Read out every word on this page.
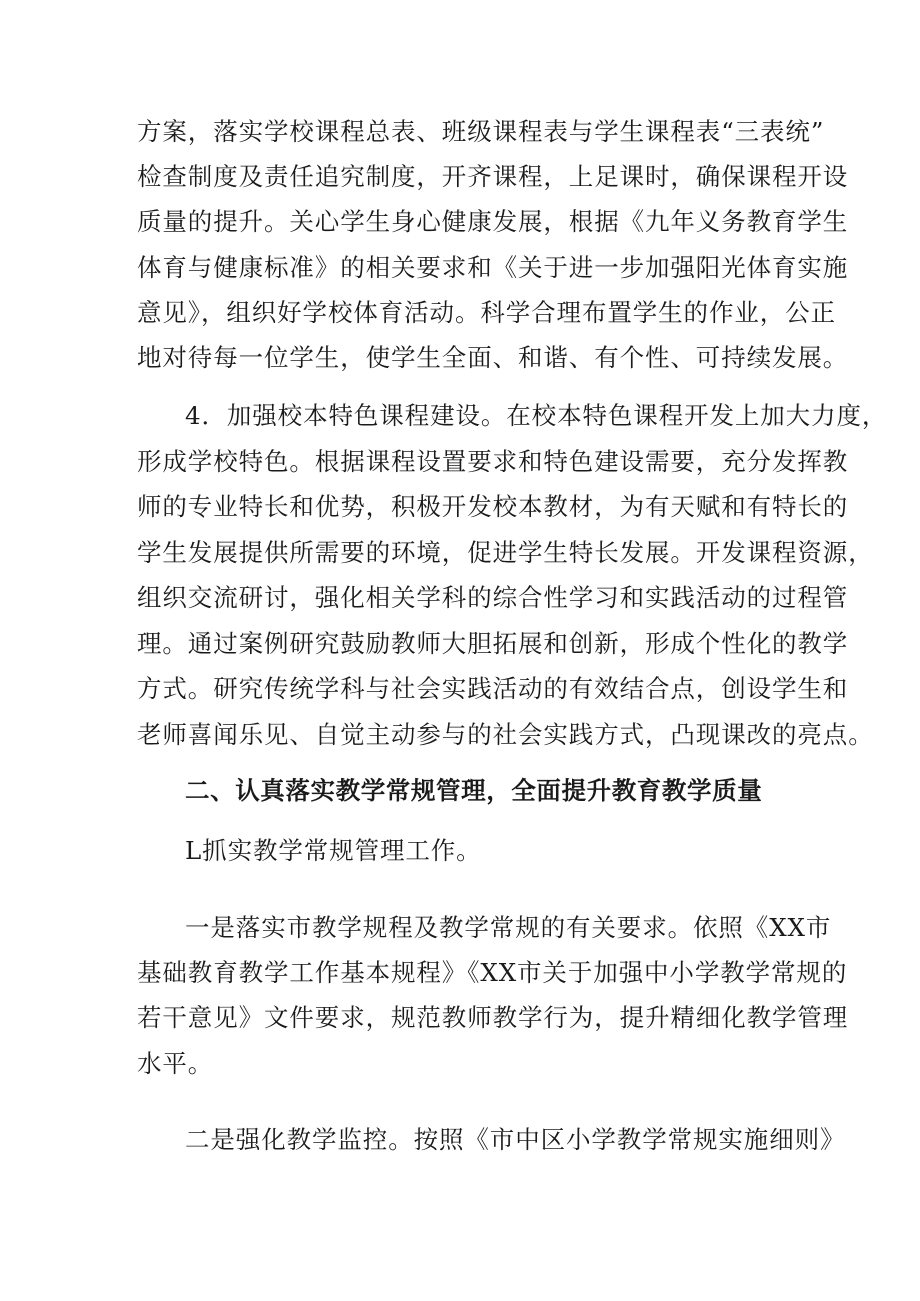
方案，落实学校课程总表、班级课程表与学生课程表“三表统”
检查制度及责任追究制度，开齐课程，上足课时，确保课程开设
质量的提升。关心学生身心健康发展，根据《九年义务教育学生
体育与健康标准》的相关要求和《关于进一步加强阳光体育实施
意见》，组织好学校体育活动。科学合理布置学生的作业，公正
地对待每一位学生，使学生全面、和谐、有个性、可持续发展。
4．加强校本特色课程建设。在校本特色课程开发上加大力度，
形成学校特色。根据课程设置要求和特色建设需要，充分发挥教
师的专业特长和优势，积极开发校本教材，为有天赋和有特长的
学生发展提供所需要的环境，促进学生特长发展。开发课程资源，
组织交流研讨，强化相关学科的综合性学习和实践活动的过程管
理。通过案例研究鼓励教师大胆拓展和创新，形成个性化的教学
方式。研究传统学科与社会实践活动的有效结合点，创设学生和
老师喜闻乐见、自觉主动参与的社会实践方式，凸现课改的亮点。
二、认真落实教学常规管理，全面提升教育教学质量
L抓实教学常规管理工作。
一是落实市教学规程及教学常规的有关要求。依照《XX市
基础教育教学工作基本规程》《XX市关于加强中小学教学常规的
若干意见》文件要求，规范教师教学行为，提升精细化教学管理
水平。
二是强化教学监控。按照《市中区小学教学常规实施细则》
